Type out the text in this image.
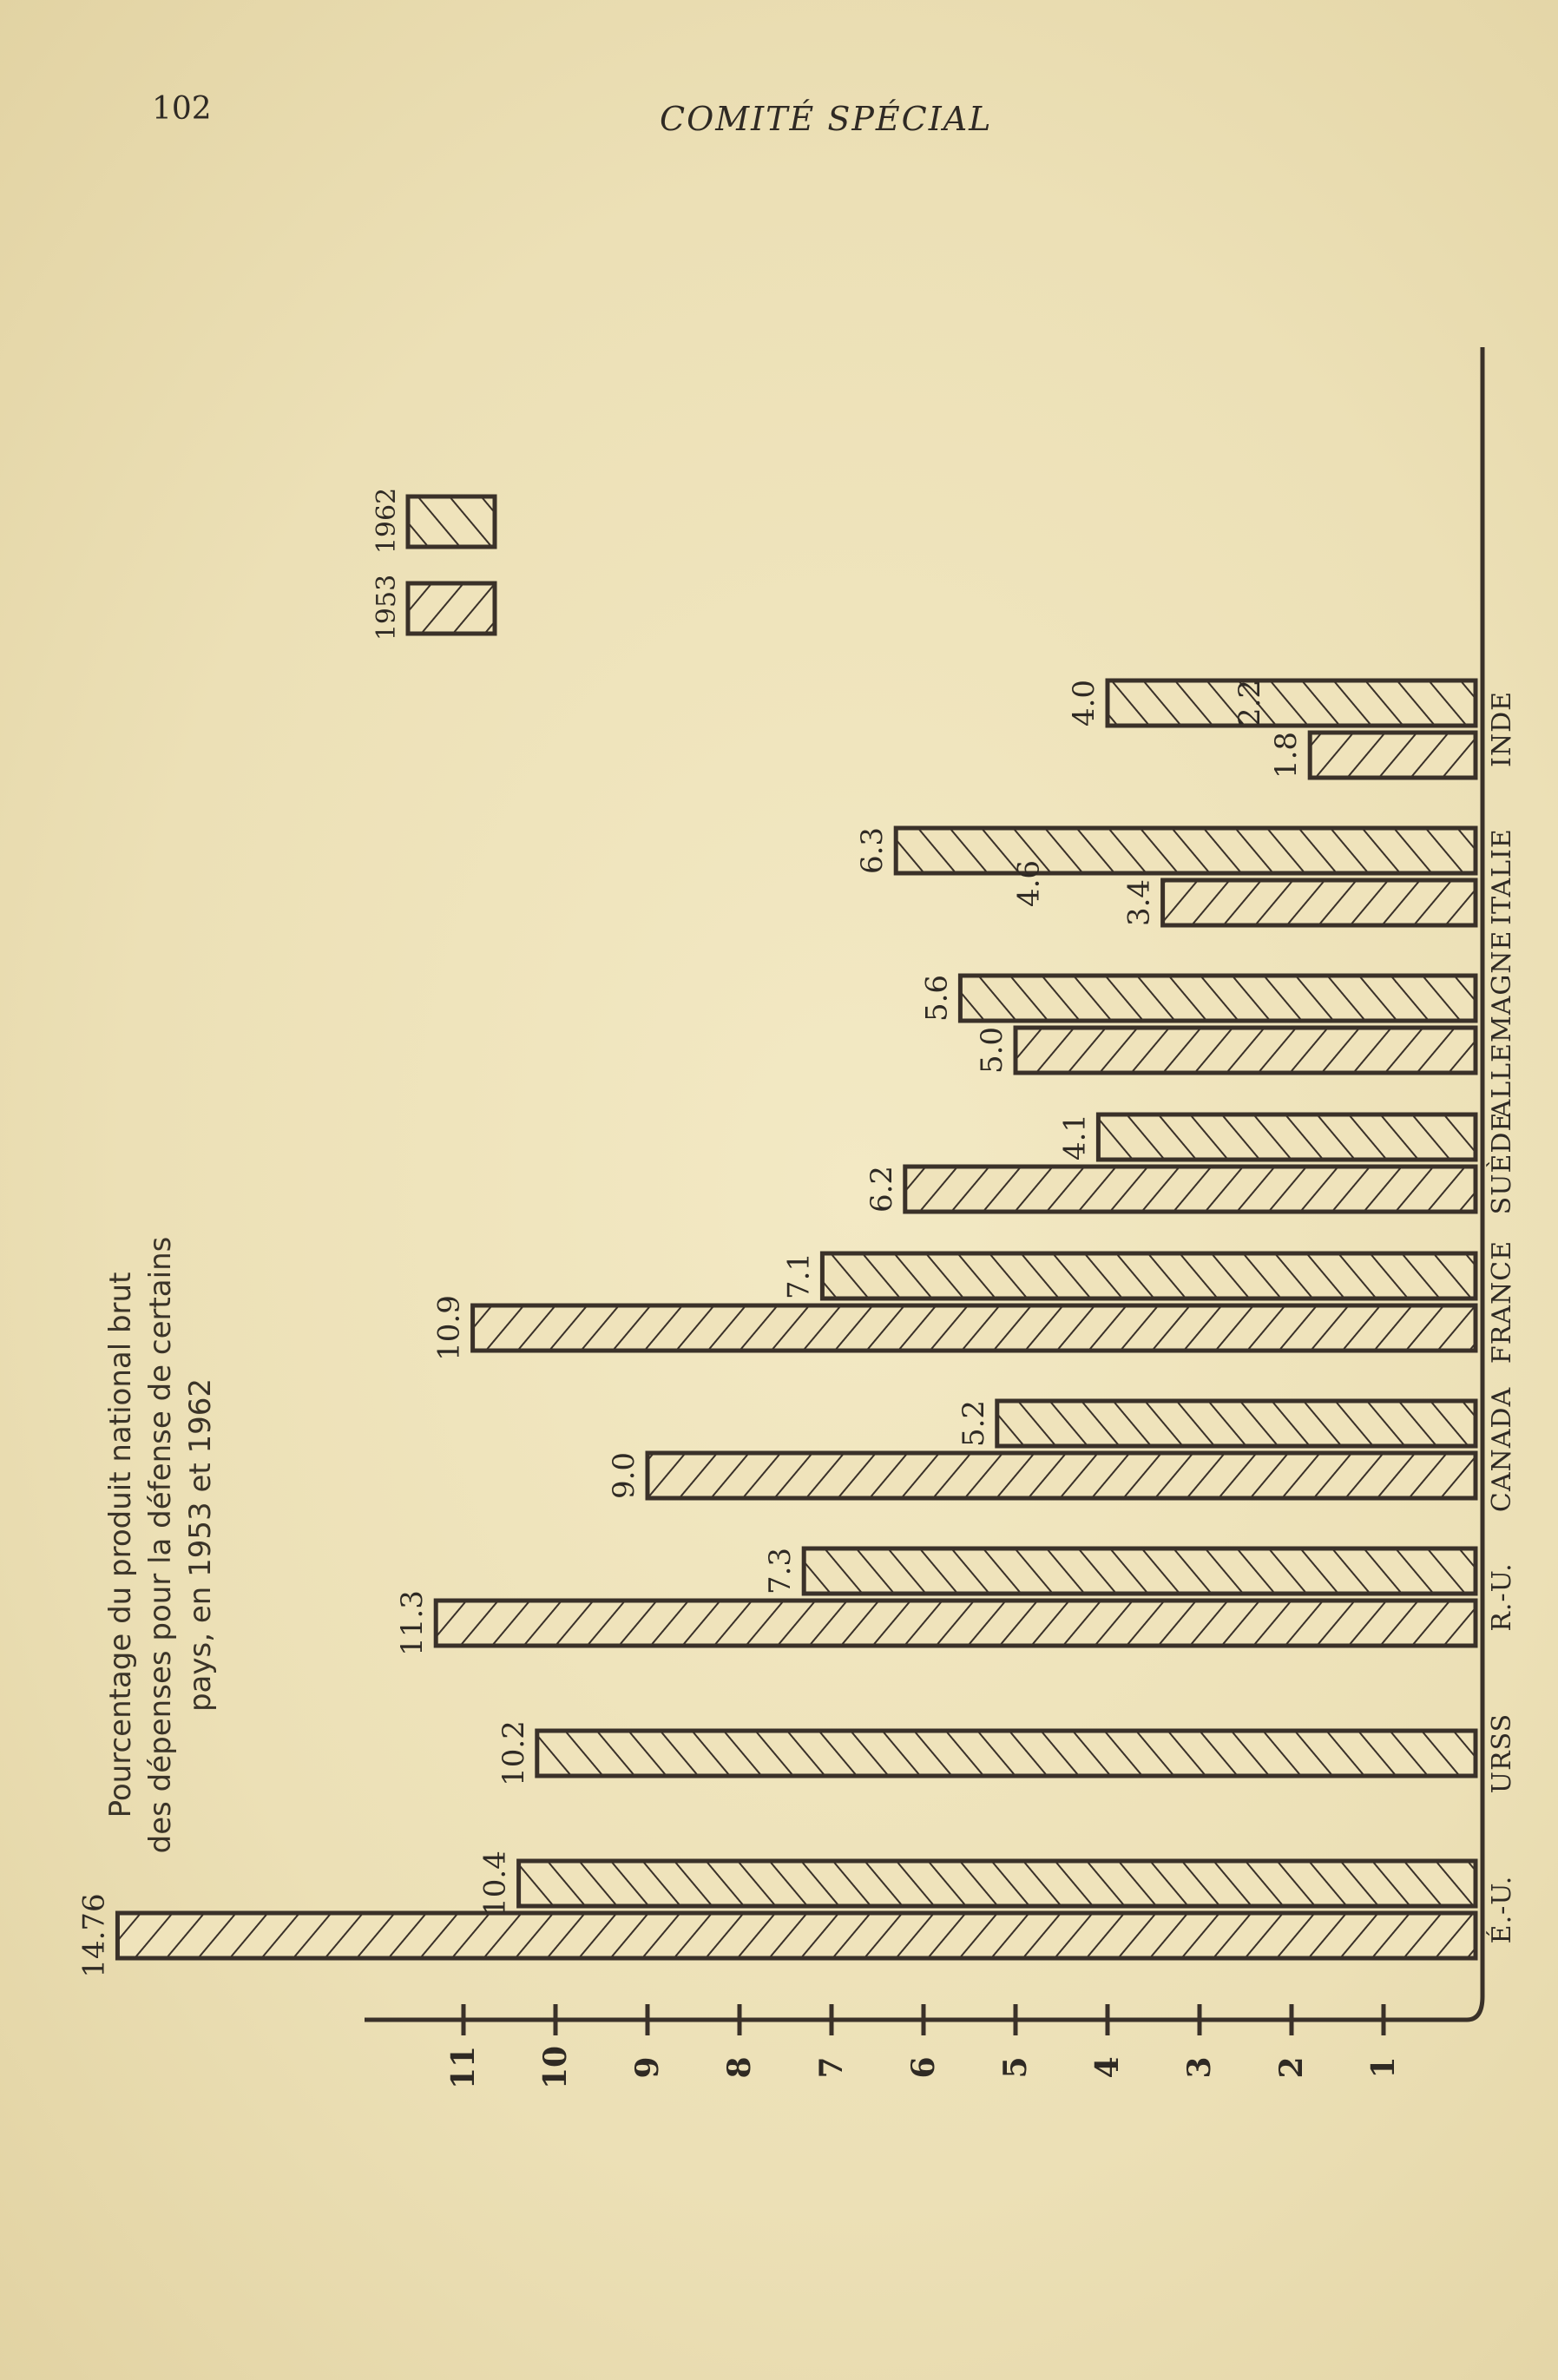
102	COMITÉ SPÉCIAL
Pourcentage du produit national brut des dépenses pour la défense de certains pays, en 1953 et 1962
1
2
3
4
5
6
7
8
9
10
11
É.-U.
14.76
10.4
URSS
10.2
R.-U.
11.3
7.3
CANADA
9.0
5.2
FRANCE
10.9
7.1
SUÈDE
6.2
4.1
ALLEMAGNE
5.0
5.6
ITALIE
3.4
6.3
INDE
1.8
4.0
4.6
2.2
1953
1962
